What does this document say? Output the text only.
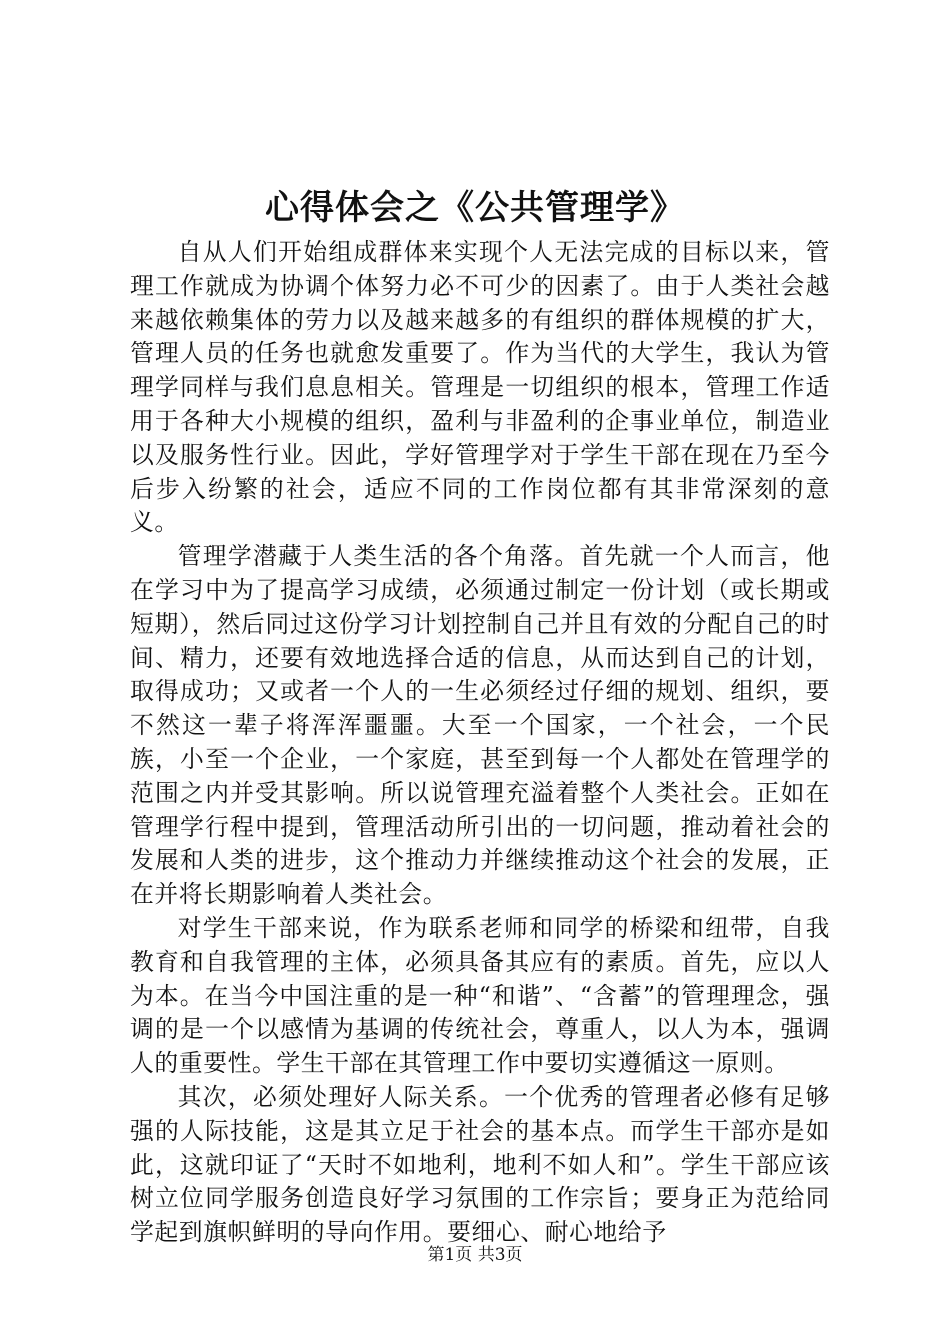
心得体会之《公共管理学》

自从人们开始组成群体来实现个人无法完成的目标以来，管理工作就成为协调个体努力必不可少的因素了。由于人类社会越来越依赖集体的劳力以及越来越多的有组织的群体规模的扩大，管理人员的任务也就愈发重要了。作为当代的大学生，我认为管理学同样与我们息息相关。管理是一切组织的根本，管理工作适用于各种大小规模的组织，盈利与非盈利的企事业单位，制造业以及服务性行业。因此，学好管理学对于学生干部在现在乃至今后步入纷繁的社会，适应不同的工作岗位都有其非常深刻的意义。

管理学潜藏于人类生活的各个角落。首先就一个人而言，他在学习中为了提高学习成绩，必须通过制定一份计划（或长期或短期），然后同过这份学习计划控制自己并且有效的分配自己的时间、精力，还要有效地选择合适的信息，从而达到自己的计划，取得成功；又或者一个人的一生必须经过仔细的规划、组织，要不然这一辈子将浑浑噩噩。大至一个国家，一个社会，一个民族，小至一个企业，一个家庭，甚至到每一个人都处在管理学的范围之内并受其影响。所以说管理充溢着整个人类社会。正如在管理学行程中提到，管理活动所引出的一切问题，推动着社会的发展和人类的进步，这个推动力并继续推动这个社会的发展，正在并将长期影响着人类社会。

对学生干部来说，作为联系老师和同学的桥梁和纽带，自我教育和自我管理的主体，必须具备其应有的素质。首先，应以人为本。在当今中国注重的是一种“和谐”、“含蓄”的管理理念，强调的是一个以感情为基调的传统社会，尊重人，以人为本，强调人的重要性。学生干部在其管理工作中要切实遵循这一原则。

其次，必须处理好人际关系。一个优秀的管理者必修有足够强的人际技能，这是其立足于社会的基本点。而学生干部亦是如此，这就印证了“天时不如地利，地利不如人和”。学生干部应该树立位同学服务创造良好学习氛围的工作宗旨；要身正为范给同学起到旗帜鲜明的导向作用。要细心、耐心地给予

第1页 共3页
